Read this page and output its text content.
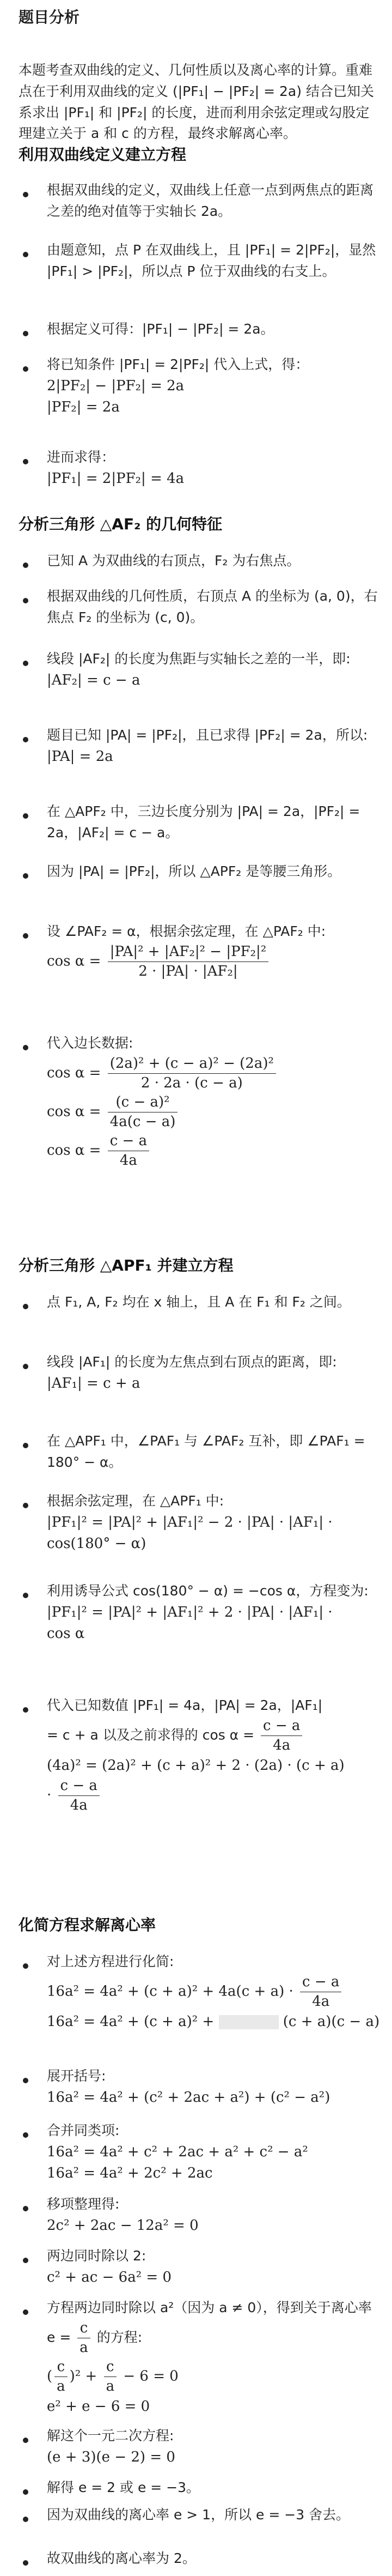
题目分析
本题考查双曲线的定义、几何性质以及离心率的计算。重难点在于利用双曲线的定义 (|PF₁| − |PF₂| = 2a) 结合已知关系求出 |PF₁| 和 |PF₂| 的长度，进而利用余弦定理或勾股定理建立关于 a 和 c 的方程，最终求解离心率。
利用双曲线定义建立方程
根据双曲线的定义，双曲线上任意一点到两焦点的距离之差的绝对值等于实轴长 2a。
由题意知，点 P 在双曲线上，且 |PF₁| = 2|PF₂|，显然 |PF₁| > |PF₂|，所以点 P 位于双曲线的右支上。
根据定义可得：|PF₁| − |PF₂| = 2a。
将已知条件 |PF₁| = 2|PF₂| 代入上式，得：
2|PF₂| − |PF₂| = 2a
|PF₂| = 2a
进而求得：
|PF₁| = 2|PF₂| = 4a
分析三角形 △AF₂ 的几何特征
已知 A 为双曲线的右顶点，F₂ 为右焦点。
根据双曲线的几何性质，右顶点 A 的坐标为 (a, 0)，右焦点 F₂ 的坐标为 (c, 0)。
线段 |AF₂| 的长度为焦距与实轴长之差的一半，即:
|AF₂| = c − a
题目已知 |PA| = |PF₂|，且已求得 |PF₂| = 2a，所以:
|PA| = 2a
在 △APF₂ 中，三边长度分别为 |PA| = 2a，|PF₂| = 2a，|AF₂| = c − a。
因为 |PA| = |PF₂|，所以 △APF₂ 是等腰三角形。
设 ∠PAF₂ = α，根据余弦定理，在 △PAF₂ 中:
$\cos \alpha = \frac{\text{|PA|² + |AF₂|² − |PF₂|²}}{\text{2 · |PA| · |AF₂|}}$
代入边长数据:
$\cos \alpha = \frac{\text{(2a)² + (c − a)² − (2a)²}}{2 \cdot 2a \cdot (c - a)}$
$\cos \alpha = \frac{\text{(c − a)²}}{4a(c - a)}$
$\cos \alpha = \frac{c - a}{4a}$
分析三角形 △APF₁ 并建立方程
点 F₁, A, F₂ 均在 x 轴上，且 A 在 F₁ 和 F₂ 之间。
线段 |AF₁| 的长度为左焦点到右顶点的距离，即:
|AF₁| = c + a
在 △APF₁ 中，∠PAF₁ 与 ∠PAF₂ 互补，即 ∠PAF₁ = 180° − α。
根据余弦定理，在 △APF₁ 中:
|PF₁|² = |PA|² + |AF₁|² − 2 · |PA| · |AF₁| ·
cos(180° − α)
利用诱导公式 cos(180° − α) = −cos α，方程变为:
|PF₁|² = |PA|² + |AF₁|² + 2 · |PA| · |AF₁| ·
cos α
代入已知数值 |PF₁| = 4a，|PA| = 2a，|AF₁|
= c + a 以及之前求得的 $\cos \alpha = \frac{c - a}{4a}$
(4a)² = (2a)² + (c + a)² + 2 · (2a) · (c + a)
· $\frac{c - a}{4a}$
化简方程求解离心率
对上述方程进行化简:
$16a^2 = 4a^2 + (c + a)^2 + 4a(c + a) \cdot \frac{c - a}{4a}$
16a² = 4a² + (c + a)² +	(c + a)(c − a)
展开括号:
16a² = 4a² + (c² + 2ac + a²) + (c² − a²)
合并同类项:
16a² = 4a² + c² + 2ac + a² + c² − a²
16a² = 4a² + 2c² + 2ac
移项整理得:
2c² + 2ac − 12a² = 0
两边同时除以 2:
c² + ac − 6a² = 0
方程两边同时除以 a²（因为 a ≠ 0），得到关于离心率 $e = \frac{c}{a}$ 的方程:
( $\frac{c}{a} )^2 + \frac{c}{a} - 6 = 0$
e² + e − 6 = 0
解这个一元二次方程:
(e + 3)(e − 2) = 0
解得 e = 2 或 e = −3。
因为双曲线的离心率 e > 1，所以 e = −3 舍去。
故双曲线的离心率为 2。
